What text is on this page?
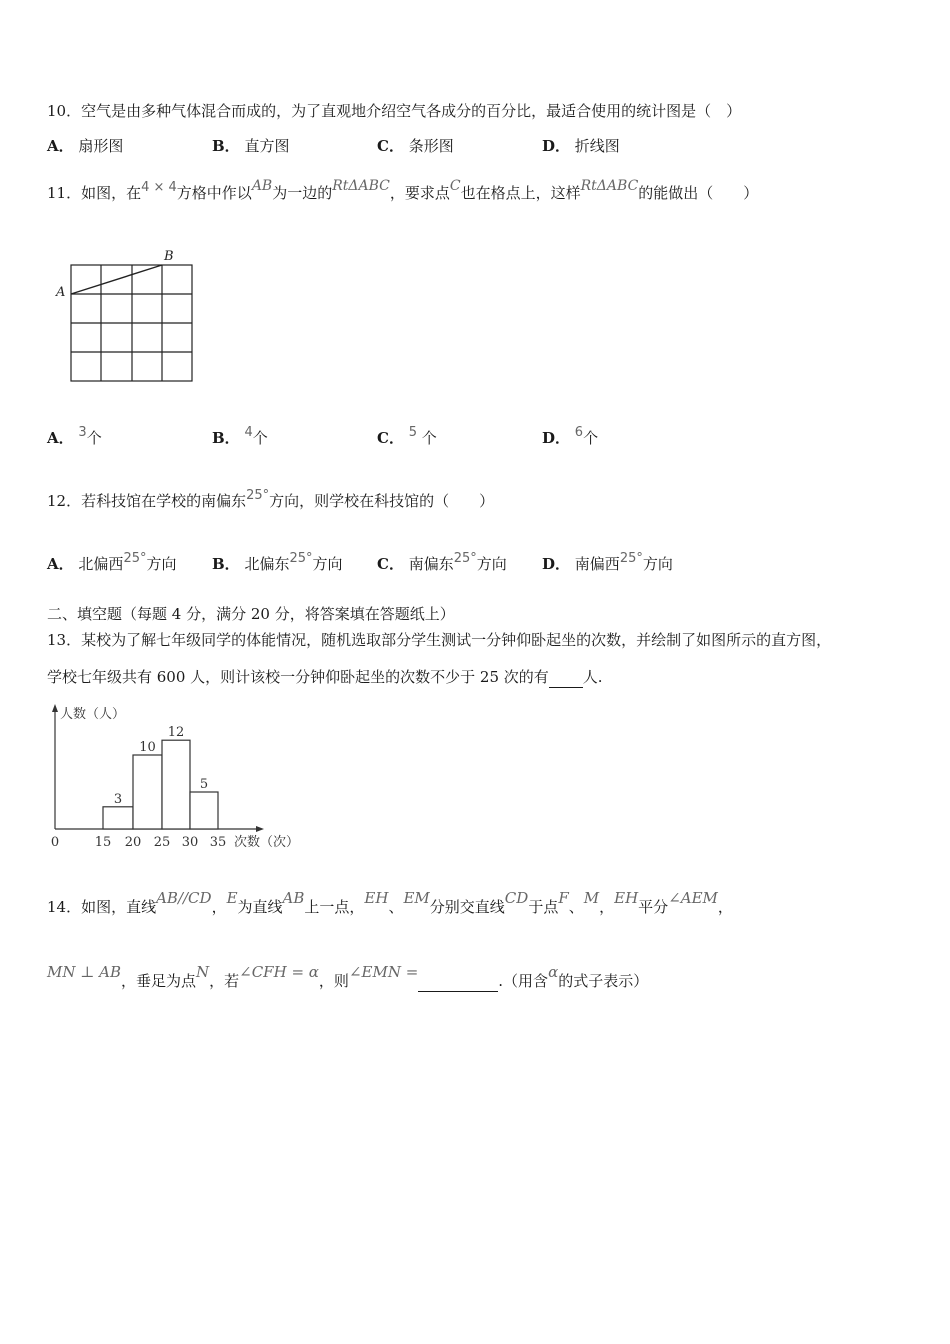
10．空气是由多种气体混合而成的，为了直观地介绍空气各成分的百分比，最适合使用的统计图是（　）
A． 扇形图	B． 直方图	C． 条形图	D． 折线图
11．如图，在4 × 4方格中作以AB为一边的RtΔABC，要求点C也在格点上，这样RtΔABC的能做出（　　）
A
B
A． 3个	B． 4个	C． 5 个	D． 6个
12．若科技馆在学校的南偏东25°方向，则学校在科技馆的（　　）
A． 北偏西25°方向 B． 北偏东25°方向 C． 南偏东25°方向 D． 南偏西25°方向
二、填空题（每题 4 分，满分 20 分，将答案填在答题纸上）
13．某校为了解七年级同学的体能情况，随机选取部分学生测试一分钟仰卧起坐的次数，并绘制了如图所示的直方图，
学校七年级共有 600 人，则计该校一分钟仰卧起坐的次数不少于 25 次的有 人.
人数（人）
次数（次）
3
10
12
5
0	15 20 25 30 35
14．如图，直线AB//CD，E为直线AB上一点，EH、EM分别交直线CD于点F、M，EH平分∠AEM，
MN ⊥ AB，垂足为点N，若∠CFH = α，则∠EMN =	.（用含α的式子表示）
